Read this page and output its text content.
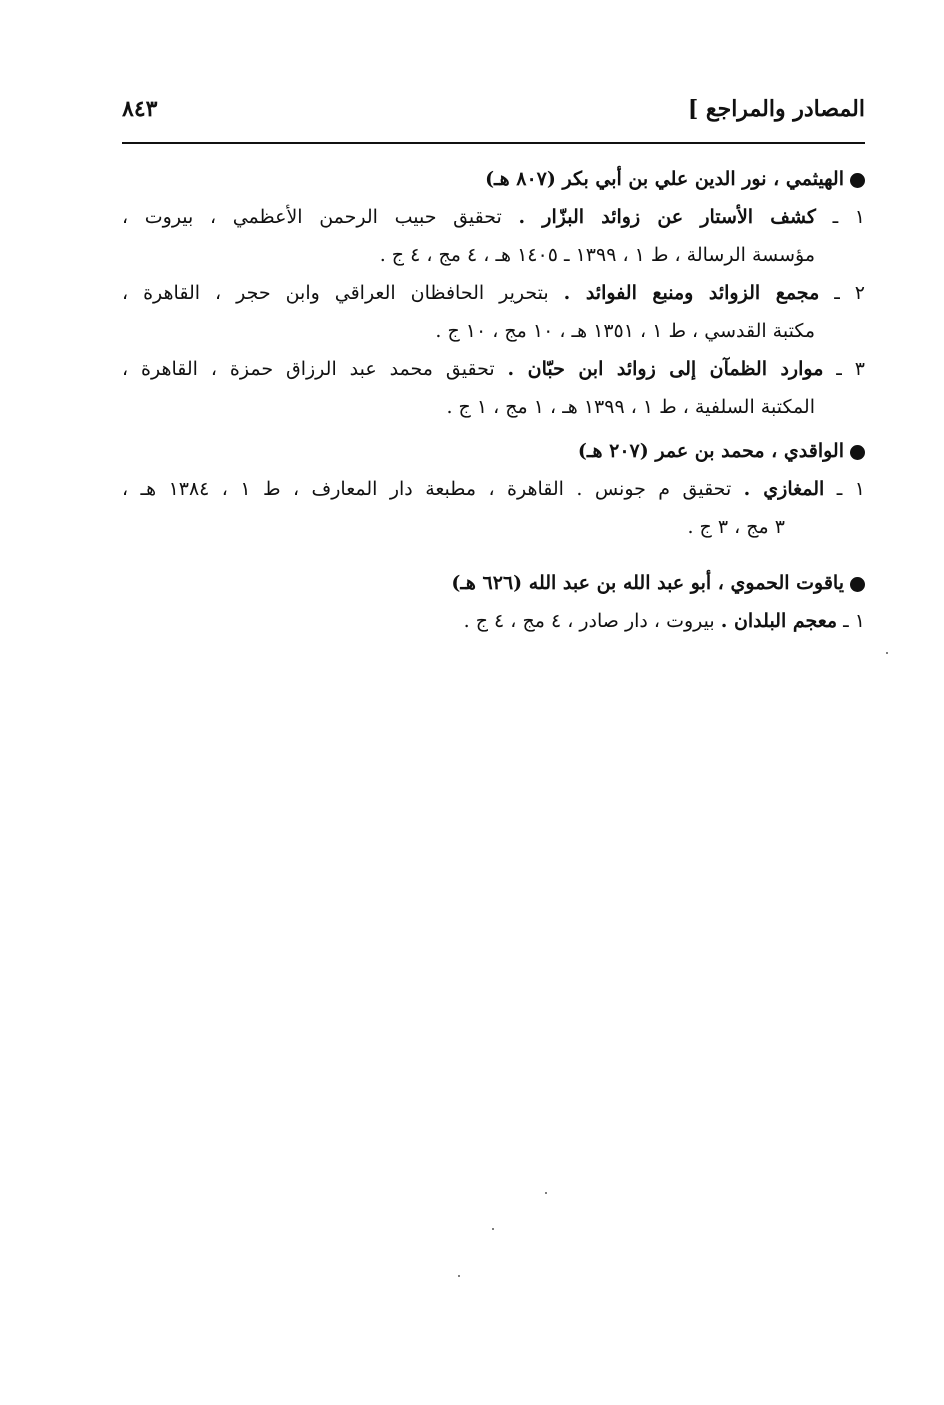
المصادر والمراجع ]
٨٤٣
الهيثمي ، نور الدين علي بن أبي بكر (٨٠٧ هـ)
١ ـ كشف الأستار عن زوائد البزّار . تحقيق حبيب الرحمن الأعظمي ، بيروت ،
مؤسسة الرسالة ، ط ١ ، ١٣٩٩ ـ ١٤٠٥ هـ ، ٤ مج ، ٤ ج .
٢ ـ مجمع الزوائد ومنبع الفوائد . بتحرير الحافظان العراقي وابن حجر ، القاهرة ،
مكتبة القدسي ، ط ١ ، ١٣٥١ هـ ، ١٠ مج ، ١٠ ج .
٣ ـ موارد الظمآن إلى زوائد ابن حبّان . تحقيق محمد عبد الرزاق حمزة ، القاهرة ،
المكتبة السلفية ، ط ١ ، ١٣٩٩ هـ ، ١ مج ، ١ ج .
الواقدي ، محمد بن عمر (٢٠٧ هـ)
١ ـ المغازي . تحقيق م جونس . القاهرة ، مطبعة دار المعارف ، ط ١ ، ١٣٨٤ هـ ،
٣ مج ، ٣ ج .
ياقوت الحموي ، أبو عبد الله بن عبد الله (٦٢٦ هـ)
١ ـ معجم البلدان . بيروت ، دار صادر ، ٤ مج ، ٤ ج .
